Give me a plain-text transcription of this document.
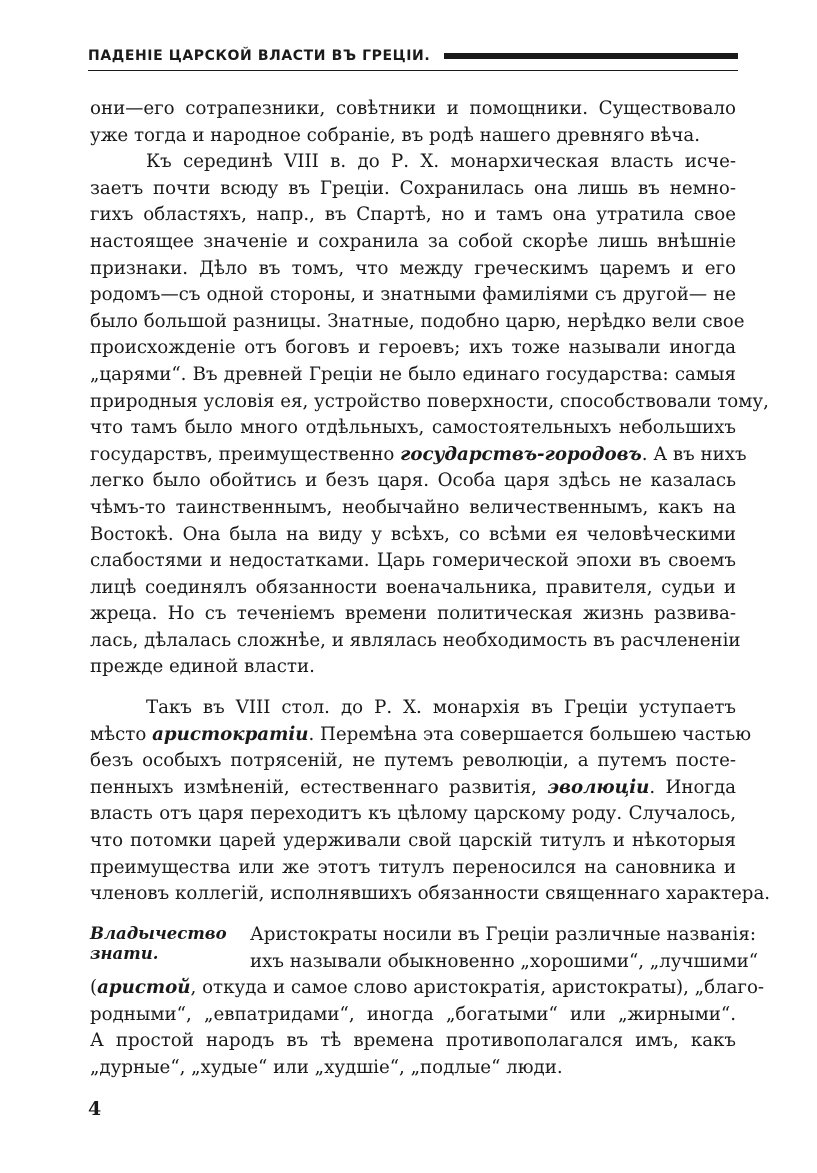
ПАДЕНІЕ ЦАРСКОЙ ВЛАСТИ ВЪ ГРЕЦІИ.

они—его сотрапезники, совѣтники и помощники. Существовало
уже тогда и народное собраніе, въ родѣ нашего древняго вѣча.

Къ серединѣ VIII в. до Р. Х. монархическая власть исче-
заетъ почти всюду въ Греціи. Сохранилась она лишь въ немно-
гихъ областяхъ, напр., въ Спартѣ, но и тамъ она утратила свое
настоящее значеніе и сохранила за собой скорѣе лишь внѣшніе
признаки. Дѣло въ томъ, что между греческимъ царемъ и его
родомъ—съ одной стороны, и знатными фамиліями съ другой— не
было большой разницы. Знатные, подобно царю, нерѣдко вели свое
происхожденіе отъ боговъ и героевъ; ихъ тоже называли иногда
„царями“. Въ древней Греціи не было единаго государства: самыя
природныя условія ея, устройство поверхности, способствовали тому,
что тамъ было много отдѣльныхъ, самостоятельныхъ небольшихъ
государствъ, преимущественно государствъ-городовъ. А въ нихъ
легко было обойтись и безъ царя. Особа царя здѣсь не казалась
чѣмъ-то таинственнымъ, необычайно величественнымъ, какъ на
Востокѣ. Она была на виду у всѣхъ, со всѣми ея человѣческими
слабостями и недостатками. Царь гомерической эпохи въ своемъ
лицѣ соединялъ обязанности военачальника, правителя, судьи и
жреца. Но съ теченіемъ времени политическая жизнь развива-
лась, дѣлалась сложнѣе, и являлась необходимость въ расчлененіи
прежде единой власти.

Такъ въ VIII стол. до Р. Х. монархія въ Греціи уступаетъ
мѣсто аристократіи. Перемѣна эта совершается большею частью
безъ особыхъ потрясеній, не путемъ революціи, а путемъ посте-
пенныхъ измѣненій, естественнаго развитія, эволюціи. Иногда
власть отъ царя переходитъ къ цѣлому царскому роду. Случалось,
что потомки царей удерживали свой царскій титулъ и нѣкоторыя
преимущества или же этотъ титулъ переносился на сановника и
членовъ коллегій, исполнявшихъ обязанности священнаго характера.

Владычество
знати.
Аристократы носили въ Греціи различные названія:
ихъ называли обыкновенно „хорошими“, „лучшими“
(аристой, откуда и самое слово аристократія, аристократы), „благо-
родными“, „евпатридами“, иногда „богатыми“ или „жирными“.
А простой народъ въ тѣ времена противополагался имъ, какъ
„дурные“, „худые“ или „худшіе“, „подлые“ люди.
4
